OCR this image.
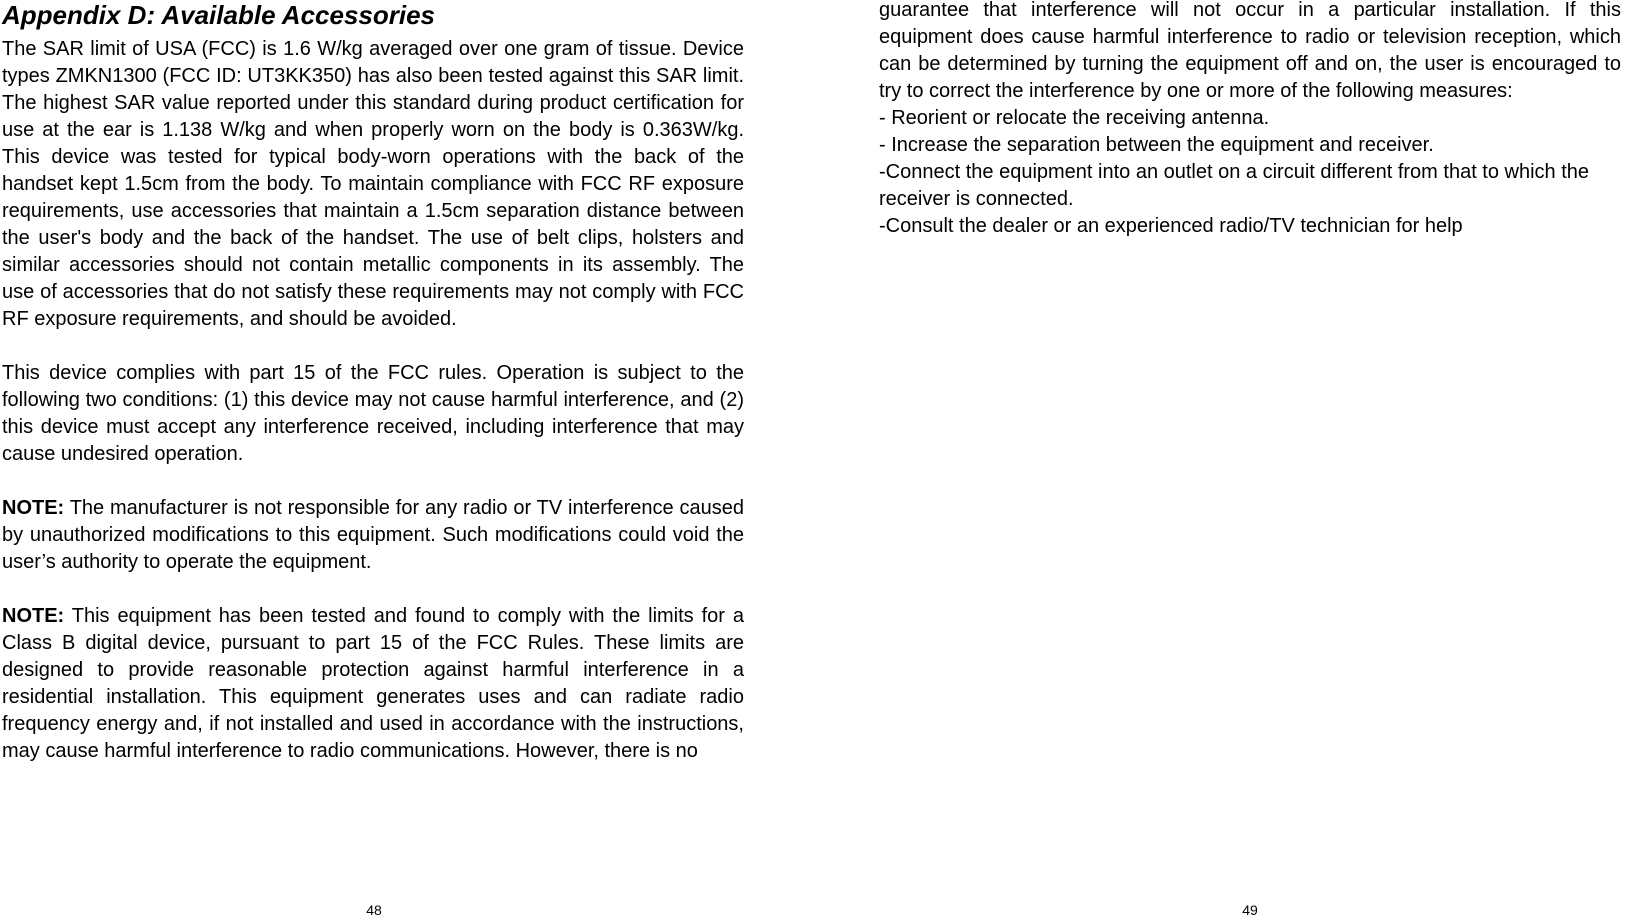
Appendix D: Available Accessories

The SAR limit of USA (FCC) is 1.6 W/kg averaged over one gram of tissue. Device types ZMKN1300 (FCC ID: UT3KK350) has also been tested against this SAR limit. The highest SAR value reported under this standard during product certification for use at the ear is 1.138 W/kg and when properly worn on the body is 0.363W/kg. This device was tested for typical body-worn operations with the back of the handset kept 1.5cm from the body. To maintain compliance with FCC RF exposure requirements, use accessories that maintain a 1.5cm separation distance between the user's body and the back of the handset. The use of belt clips, holsters and similar accessories should not contain metallic components in its assembly. The use of accessories that do not satisfy these requirements may not comply with FCC RF exposure requirements, and should be avoided.

This device complies with part 15 of the FCC rules. Operation is subject to the following two conditions: (1) this device may not cause harmful interference, and (2) this device must accept any interference received, including interference that may cause undesired operation.

NOTE: The manufacturer is not responsible for any radio or TV interference caused by unauthorized modifications to this equipment. Such modifications could void the user’s authority to operate the equipment.

NOTE: This equipment has been tested and found to comply with the limits for a Class B digital device, pursuant to part 15 of the FCC Rules. These limits are designed to provide reasonable protection against harmful interference in a residential installation. This equipment generates uses and can radiate radio frequency energy and, if not installed and used in accordance with the instructions, may cause harmful interference to radio communications. However, there is no

48

guarantee that interference will not occur in a particular installation. If this equipment does cause harmful interference to radio or television reception, which can be determined by turning the equipment off and on, the user is encouraged to try to correct the interference by one or more of the following measures:

- Reorient or relocate the receiving antenna.

- Increase the separation between the equipment and receiver.

-Connect the equipment into an outlet on a circuit different from that to which the receiver is connected.

-Consult the dealer or an experienced radio/TV technician for help

49
